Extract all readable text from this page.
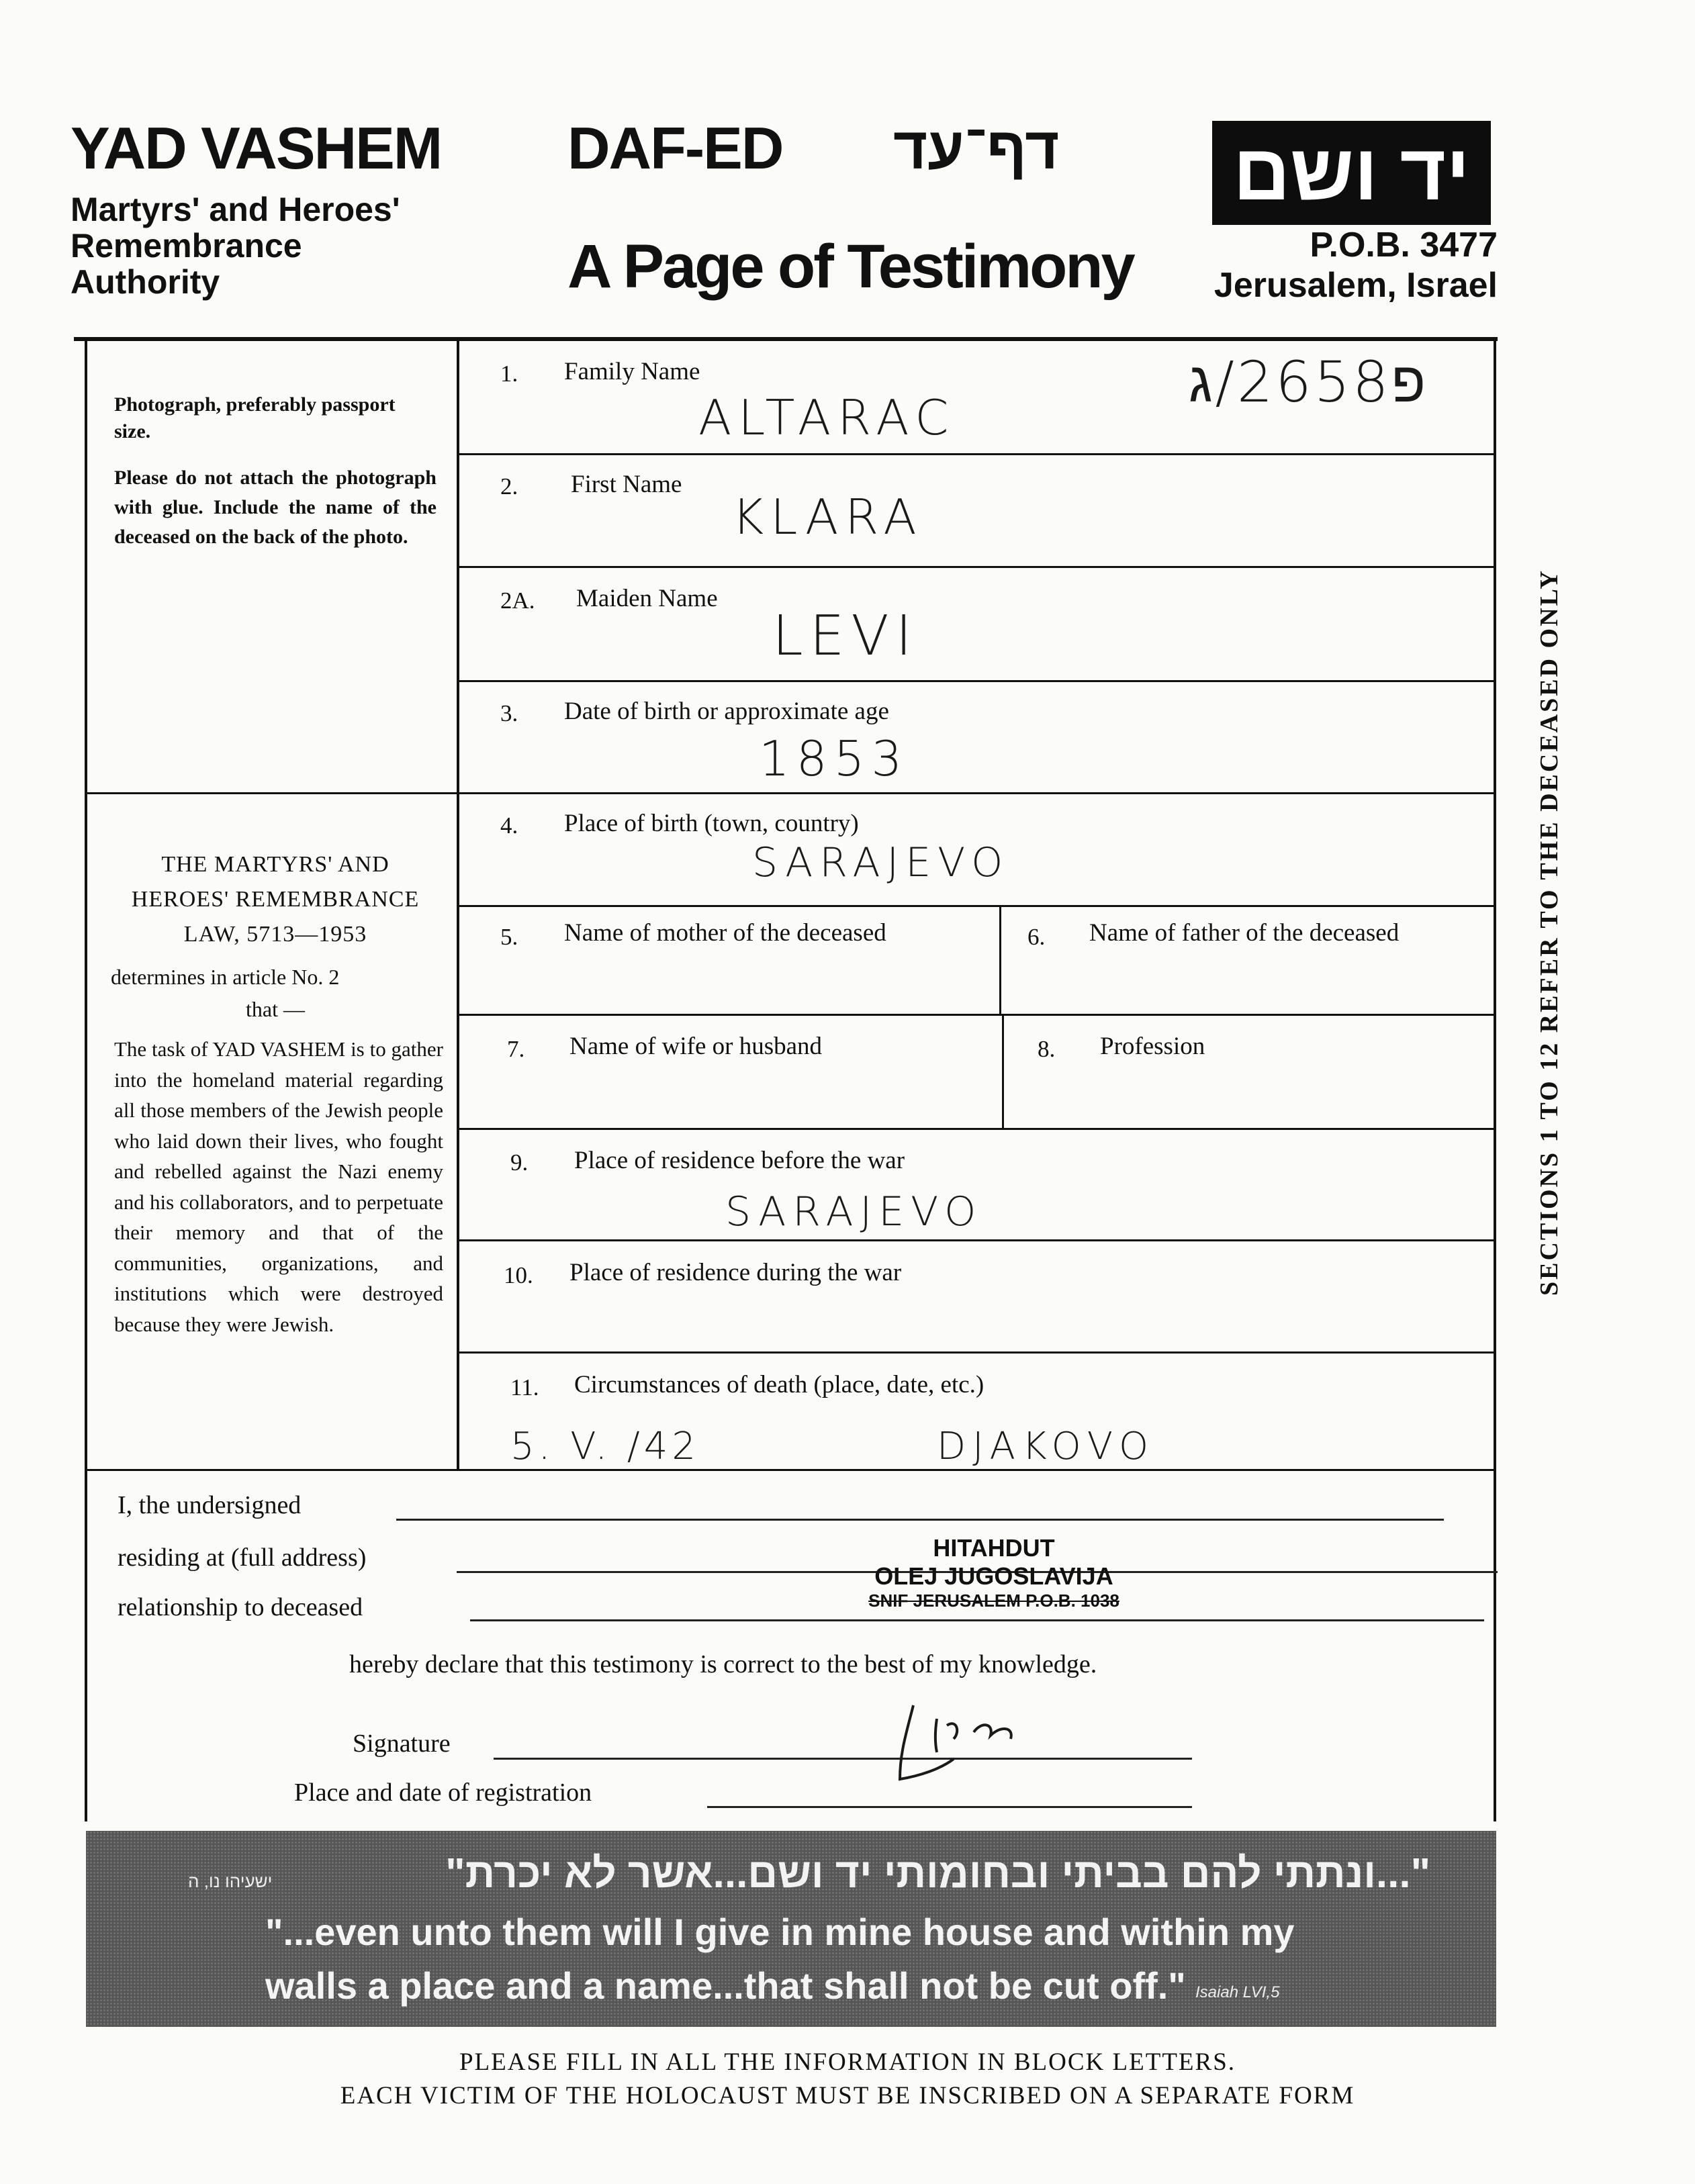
YAD VASHEM
Martyrs' and Heroes'
Remembrance
Authority
DAF-ED דף־עד
A Page of Testimony
יד ושם
P.O.B. 3477
Jerusalem, Israel
Photograph, preferably passport size.
Please do not attach the photograph with glue. Include the name of the deceased on the back of the photo.
THE MARTYRS' AND
HEROES' REMEMBRANCE
LAW, 5713—1953
determines in article No. 2
that —
The task of YAD VASHEM is to gather into the homeland material regarding all those members of the Jewish people who laid down their lives, who fought and rebelled against the Nazi enemy and his collaborators, and to perpetuate their memory and that of the communities, organizations, and institutions which were destroyed because they were Jewish.
1. Family Name
ALTARAC
פ2658/ג
2. First Name
KLARA
2A. Maiden Name
LEVI
3. Date of birth or approximate age
1853
4. Place of birth (town, country)
SARAJEVO
5. Name of mother of the deceased	6. Name of father of the deceased
7. Name of wife or husband	8. Profession
9. Place of residence before the war
SARAJEVO
10. Place of residence during the war
11. Circumstances of death (place, date, etc.)
5. V. /42	DJAKOVO
I, the undersigned
residing at (full address)
relationship to deceased
HITAHDUT
OLEJ JUGOSLAVIJA
SNIF JERUSALEM P.O.B. 1038
hereby declare that this testimony is correct to the best of my knowledge.
Signature
Place and date of registration
SECTIONS 1 TO 12 REFER TO THE DECEASED ONLY
"...ונתתי להם בביתי ובחומותי יד ושם...אשר לא יכרת"
ישעיהו נו, ה
"...even unto them will I give in mine house and within my
walls a place and a name...that shall not be cut off." Isaiah LVI,5
PLEASE FILL IN ALL THE INFORMATION IN BLOCK LETTERS.
EACH VICTIM OF THE HOLOCAUST MUST BE INSCRIBED ON A SEPARATE FORM
